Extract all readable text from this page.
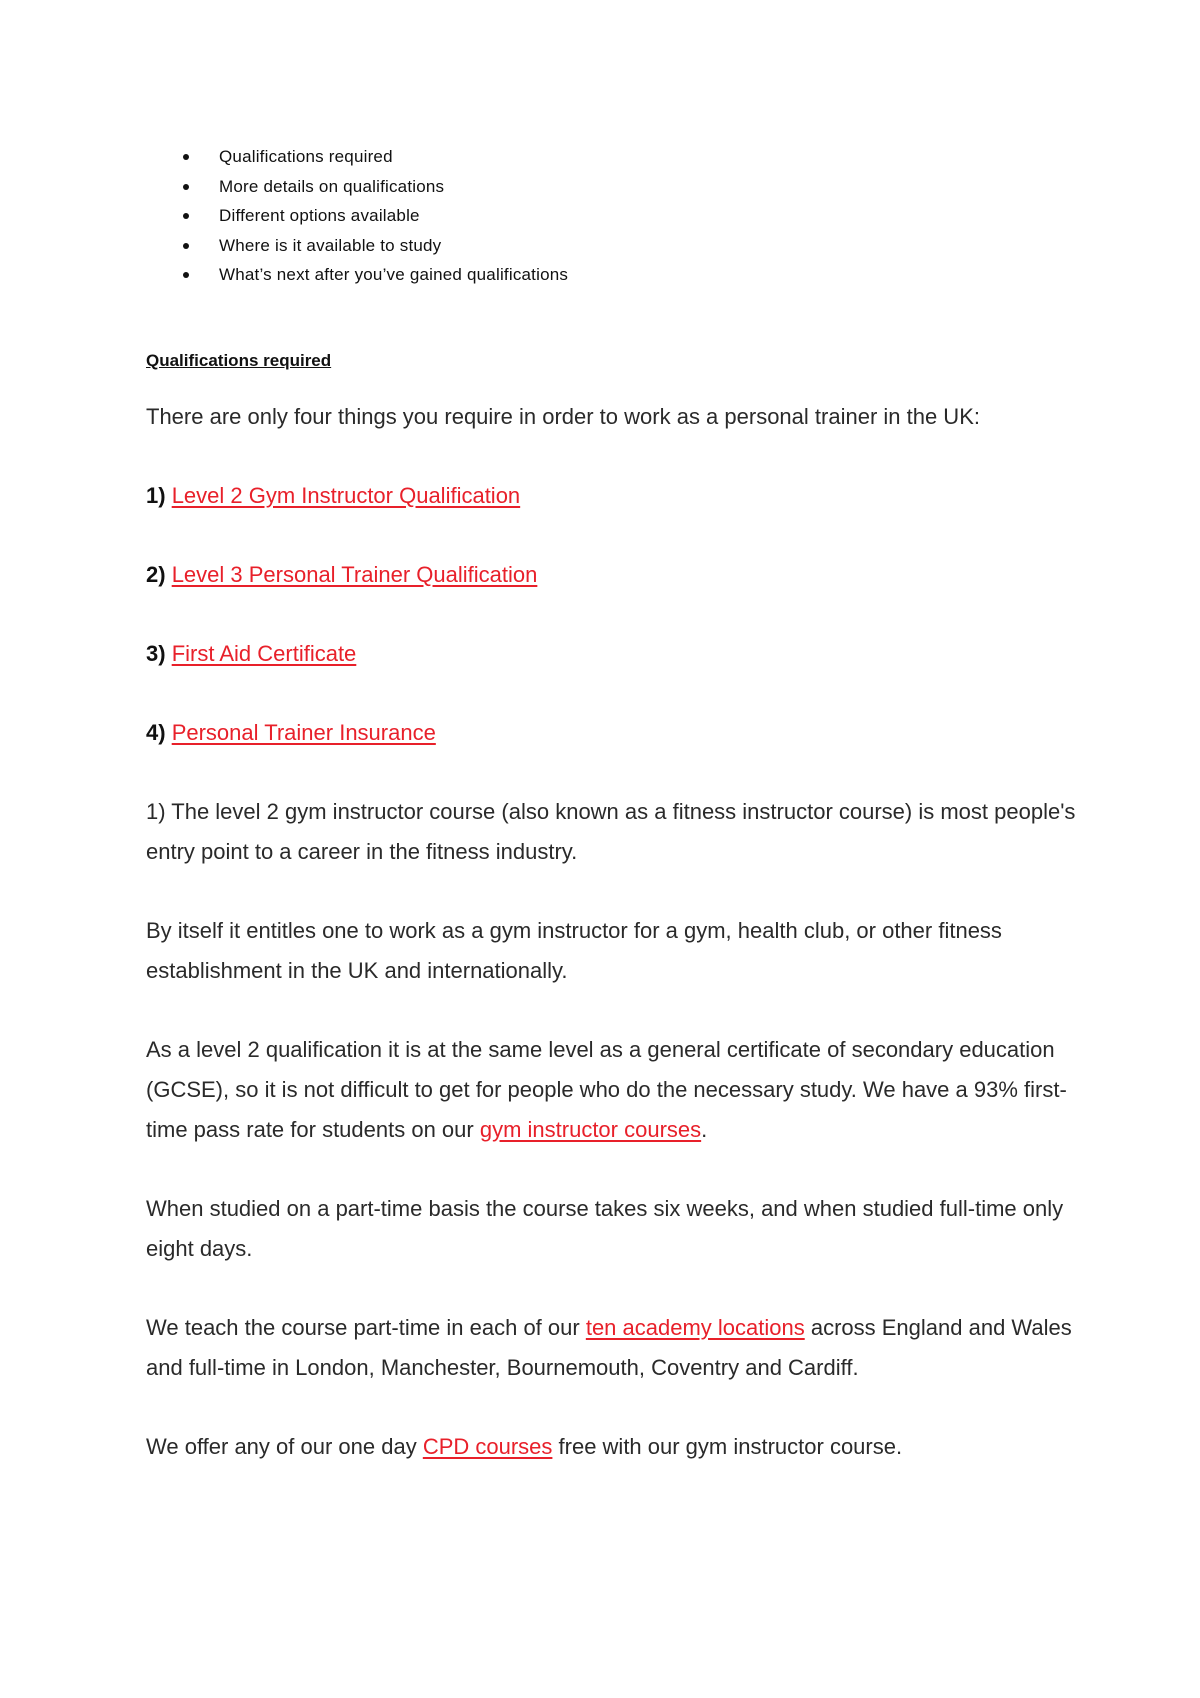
Qualifications required
More details on qualifications
Different options available
Where is it available to study
What’s next after you’ve gained qualifications
Qualifications required

There are only four things you require in order to work as a personal trainer in the UK:

1) Level 2 Gym Instructor Qualification

2) Level 3 Personal Trainer Qualification

3) First Aid Certificate

4) Personal Trainer Insurance

1) The level 2 gym instructor course (also known as a fitness instructor course) is most people's entry point to a career in the fitness industry.

By itself it entitles one to work as a gym instructor for a gym, health club, or other fitness establishment in the UK and internationally.

As a level 2 qualification it is at the same level as a general certificate of secondary education (GCSE), so it is not difficult to get for people who do the necessary study. We have a 93% first-time pass rate for students on our gym instructor courses.

When studied on a part-time basis the course takes six weeks, and when studied full-time only eight days.

We teach the course part-time in each of our ten academy locations across England and Wales and full-time in London, Manchester, Bournemouth, Coventry and Cardiff.

We offer any of our one day CPD courses free with our gym instructor course.
